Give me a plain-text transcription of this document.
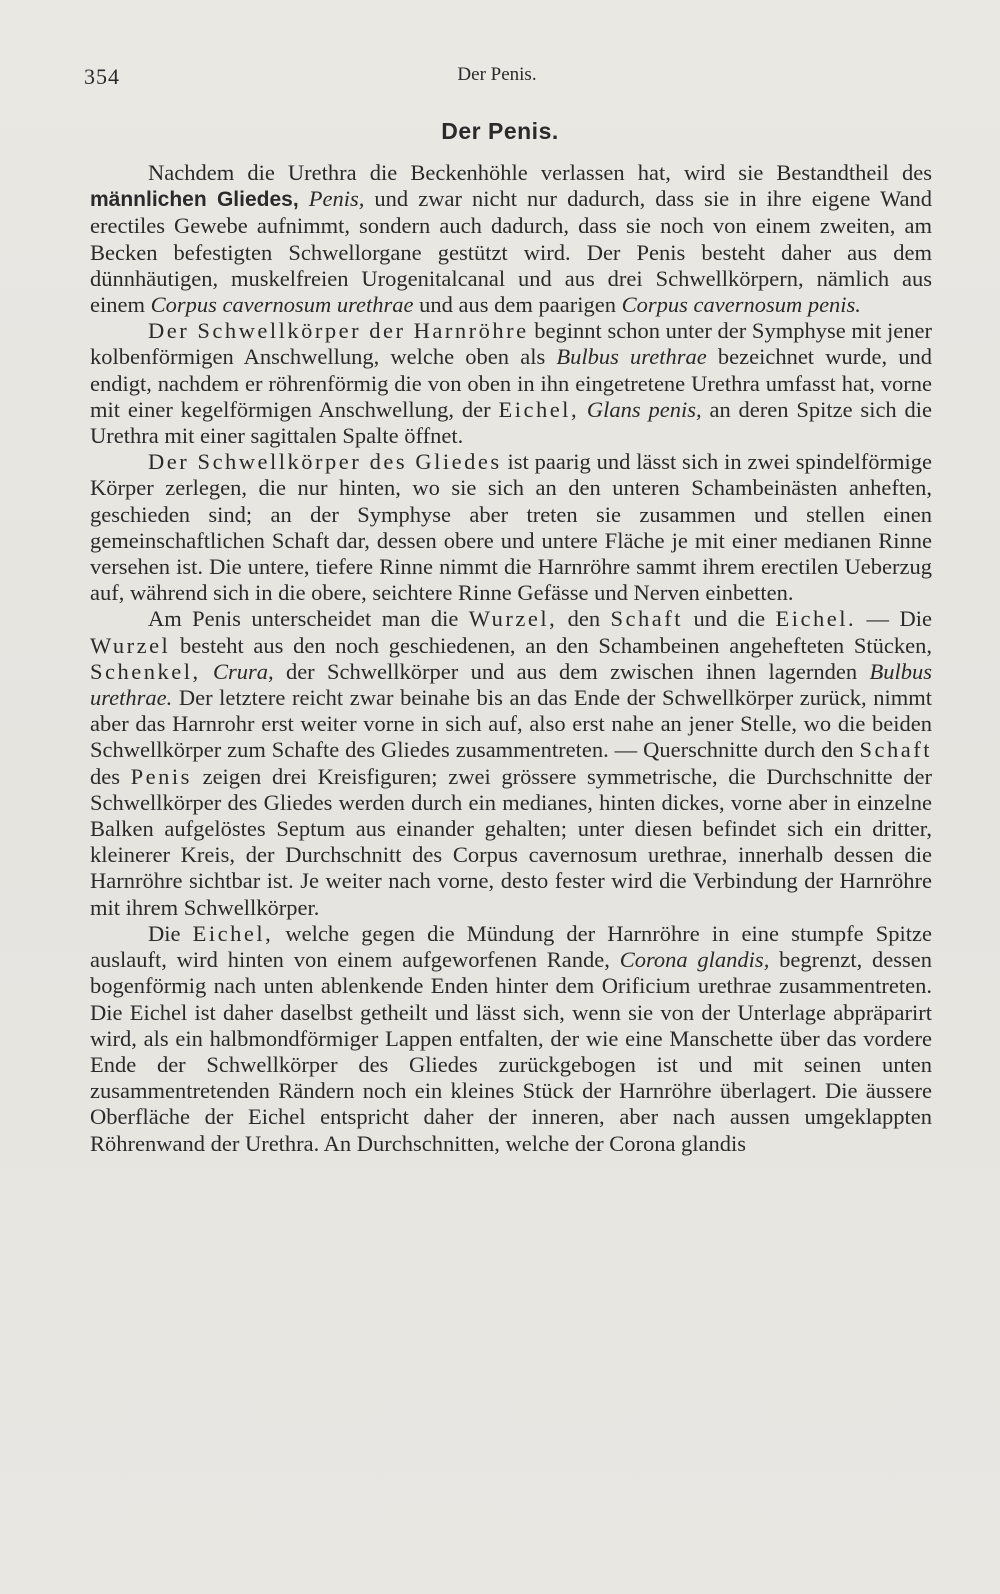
354	Der Penis.
Der Penis.

Nachdem die Urethra die Beckenhöhle verlassen hat, wird sie Bestandtheil des männlichen Gliedes, Penis, und zwar nicht nur dadurch, dass sie in ihre eigene Wand erectiles Gewebe aufnimmt, sondern auch dadurch, dass sie noch von einem zweiten, am Becken befestigten Schwellorgane gestützt wird. Der Penis besteht daher aus dem dünnhäutigen, muskelfreien Urogenitalcanal und aus drei Schwellkörpern, nämlich aus einem Corpus cavernosum urethrae und aus dem paarigen Corpus cavernosum penis.

Der Schwellkörper der Harnröhre beginnt schon unter der Symphyse mit jener kolbenförmigen Anschwellung, welche oben als Bulbus urethrae bezeichnet wurde, und endigt, nachdem er röhrenförmig die von oben in ihn eingetretene Urethra umfasst hat, vorne mit einer kegelförmigen Anschwellung, der Eichel, Glans penis, an deren Spitze sich die Urethra mit einer sagittalen Spalte öffnet.

Der Schwellkörper des Gliedes ist paarig und lässt sich in zwei spindelförmige Körper zerlegen, die nur hinten, wo sie sich an den unteren Schambeinästen anheften, geschieden sind; an der Symphyse aber treten sie zusammen und stellen einen gemeinschaftlichen Schaft dar, dessen obere und untere Fläche je mit einer medianen Rinne versehen ist. Die untere, tiefere Rinne nimmt die Harnröhre sammt ihrem erectilen Ueberzug auf, während sich in die obere, seichtere Rinne Gefässe und Nerven einbetten.

Am Penis unterscheidet man die Wurzel, den Schaft und die Eichel. — Die Wurzel besteht aus den noch geschiedenen, an den Schambeinen angehefteten Stücken, Schenkel, Crura, der Schwellkörper und aus dem zwischen ihnen lagernden Bulbus urethrae. Der letztere reicht zwar beinahe bis an das Ende der Schwellkörper zurück, nimmt aber das Harnrohr erst weiter vorne in sich auf, also erst nahe an jener Stelle, wo die beiden Schwellkörper zum Schafte des Gliedes zusammentreten. — Querschnitte durch den Schaft des Penis zeigen drei Kreisfiguren; zwei grössere symmetrische, die Durchschnitte der Schwellkörper des Gliedes werden durch ein medianes, hinten dickes, vorne aber in einzelne Balken aufgelöstes Septum aus einander gehalten; unter diesen befindet sich ein dritter, kleinerer Kreis, der Durchschnitt des Corpus cavernosum urethrae, innerhalb dessen die Harnröhre sichtbar ist. Je weiter nach vorne, desto fester wird die Verbindung der Harnröhre mit ihrem Schwellkörper.

Die Eichel, welche gegen die Mündung der Harnröhre in eine stumpfe Spitze auslauft, wird hinten von einem aufgeworfenen Rande, Corona glandis, begrenzt, dessen bogenförmig nach unten ablenkende Enden hinter dem Orificium urethrae zusammentreten. Die Eichel ist daher daselbst getheilt und lässt sich, wenn sie von der Unterlage abpräparirt wird, als ein halbmondförmiger Lappen entfalten, der wie eine Manschette über das vordere Ende der Schwellkörper des Gliedes zurückgebogen ist und mit seinen unten zusammentretenden Rändern noch ein kleines Stück der Harnröhre überlagert. Die äussere Oberfläche der Eichel entspricht daher der inneren, aber nach aussen umgeklappten Röhrenwand der Urethra. An Durchschnitten, welche der Corona glandis
